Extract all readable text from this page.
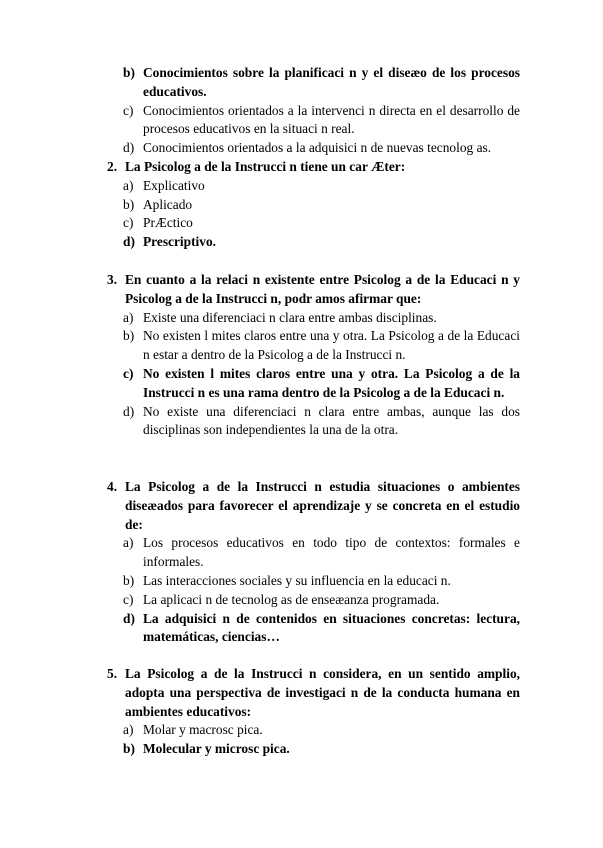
b) Conocimientos sobre la planificaci n y el diseæo de los procesos educativos.
c) Conocimientos orientados a la intervenci n directa en el desarrollo de procesos educativos en la situaci n real.
d) Conocimientos orientados a la adquisici n de nuevas tecnolog as.
2. La Psicolog a de la Instrucci n tiene un car Æter:
a) Explicativo
b) Aplicado
c) PrÆctico
d) Prescriptivo.
3. En cuanto a la relaci n existente entre Psicolog a de la Educaci n y Psicolog a de la Instrucci n, podr amos afirmar que:
a) Existe una diferenciaci n clara entre ambas disciplinas.
b) No existen l mites claros entre una y otra. La Psicolog a de la Educaci n estar a dentro de la Psicolog a de la Instrucci n.
c) No existen l mites claros entre una y otra. La Psicolog a de la Instrucci n es una rama dentro de la Psicolog a de la Educaci n.
d) No existe una diferenciaci n clara entre ambas, aunque las dos disciplinas son independientes la una de la otra.
4. La Psicolog a de la Instrucci n estudia situaciones o ambientes diseæados para favorecer el aprendizaje y se concreta en el estudio de:
a) Los procesos educativos en todo tipo de contextos: formales e informales.
b) Las interacciones sociales y su influencia en la educaci n.
c) La aplicaci n de tecnolog as de enseæanza programada.
d) La adquisici n de contenidos en situaciones concretas: lectura, matemáticas, ciencias…
5. La Psicolog a de la Instrucci n considera, en un sentido amplio, adopta una perspectiva de investigaci n de la conducta humana en ambientes educativos:
a) Molar y macrosc pica.
b) Molecular y microsc pica.
